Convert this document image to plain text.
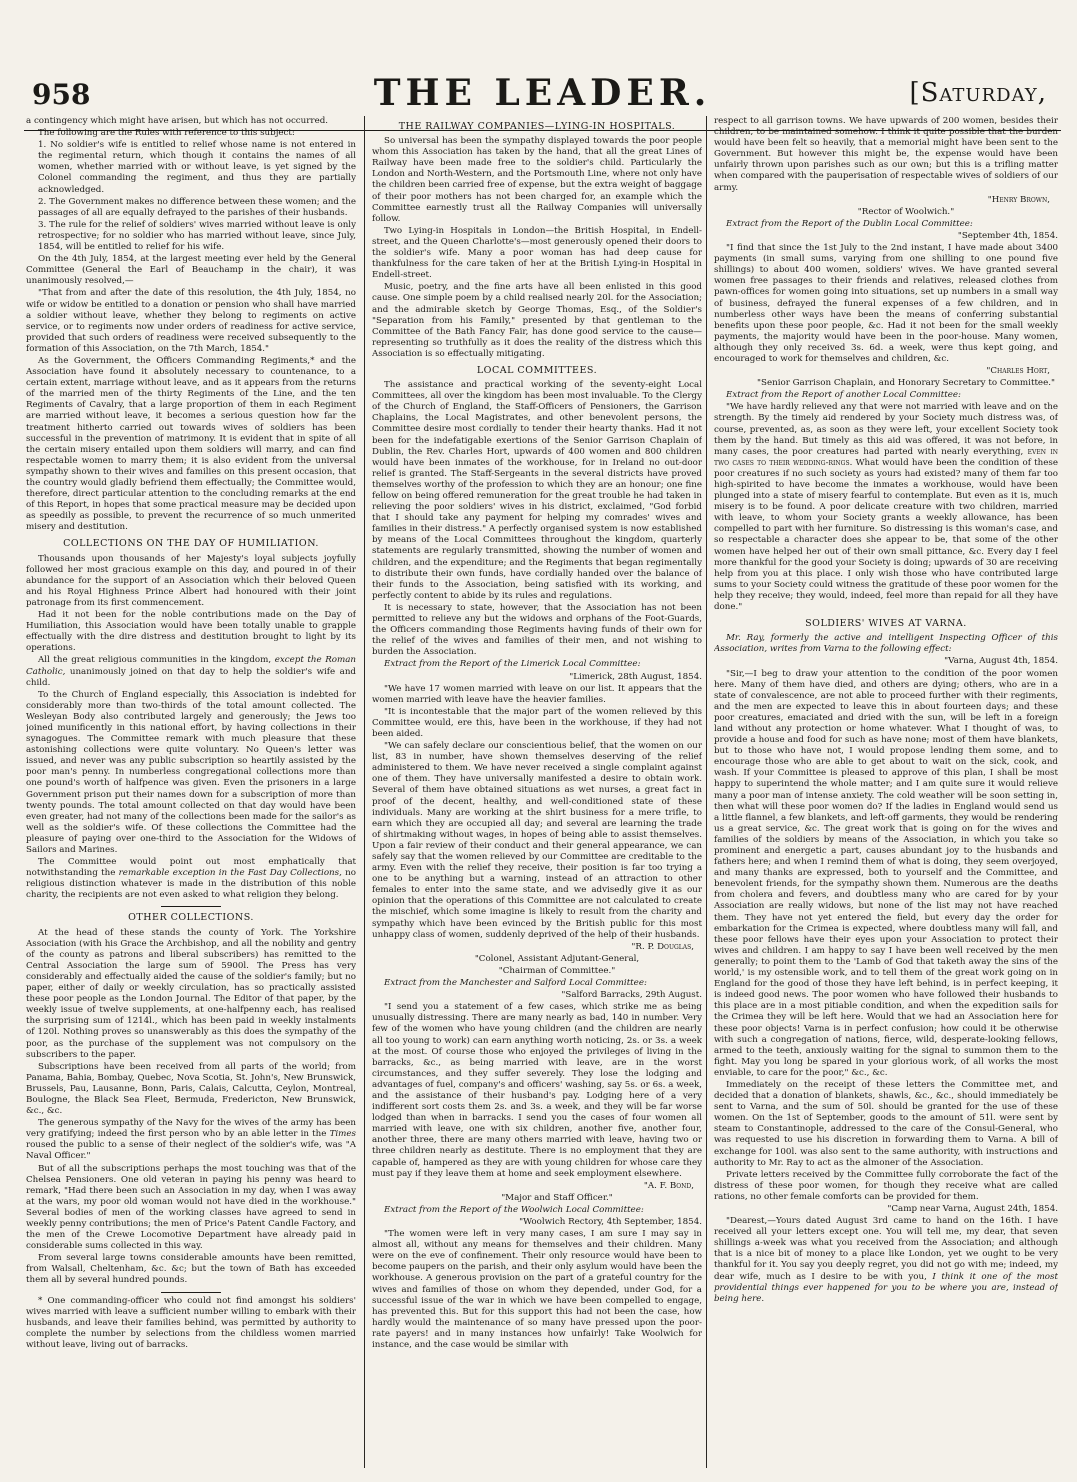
958	THE LEADER.	[Saturday,

a contingency which might have arisen, but which has not occurred.

The following are the Rules with reference to this subject:

1. No soldier's wife is entitled to relief whose name is not entered in the regimental return, which though it contains the names of all women, whether married with or without leave, is yet signed by the Colonel commanding the regiment, and thus they are partially acknowledged.

2. The Government makes no difference between these women; and the passages of all are equally defrayed to the parishes of their husbands.

3. The rule for the relief of soldiers' wives married without leave is only retrospective; for no soldier who has married without leave, since July, 1854, will be entitled to relief for his wife.

On the 4th July, 1854, at the largest meeting ever held by the General Committee (General the Earl of Beauchamp in the chair), it was unanimously resolved,—

"That from and after the date of this resolution, the 4th July, 1854, no wife or widow be entitled to a donation or pension who shall have married a soldier without leave, whether they belong to regiments on active service, or to regiments now under orders of readiness for active service, provided that such orders of readiness were received subsequently to the formation of this Association, on the 7th March, 1854."

As the Government, the Officers Commanding Regiments,* and the Association have found it absolutely necessary to countenance, to a certain extent, marriage without leave, and as it appears from the returns of the married men of the thirty Regiments of the Line, and the ten Regiments of Cavalry, that a large proportion of them in each Regiment are married without leave, it becomes a serious question how far the treatment hitherto carried out towards wives of soldiers has been successful in the prevention of matrimony. It is evident that in spite of all the certain misery entailed upon them soldiers will marry, and can find respectable women to marry them; it is also evident from the universal sympathy shown to their wives and families on this present occasion, that the country would gladly befriend them effectually; the Committee would, therefore, direct particular attention to the concluding remarks at the end of this Report, in hopes that some practical measure may be decided upon as speedily as possible, to prevent the recurrence of so much unmerited misery and destitution.

COLLECTIONS ON THE DAY OF HUMILIATION.

Thousands upon thousands of her Majesty's loyal subjects joyfully followed her most gracious example on this day, and poured in of their abundance for the support of an Association which their beloved Queen and his Royal Highness Prince Albert had honoured with their joint patronage from its first commencement.

Had it not been for the noble contributions made on the Day of Humiliation, this Association would have been totally unable to grapple effectually with the dire distress and destitution brought to light by its operations.

All the great religious communities in the kingdom, except the Roman Catholic, unanimously joined on that day to help the soldier's wife and child.

To the Church of England especially, this Association is indebted for considerably more than two-thirds of the total amount collected. The Wesleyan Body also contributed largely and generously; the Jews too joined munificently in this national effort, by having collections in their synagogues. The Committee remark with much pleasure that these astonishing collections were quite voluntary. No Queen's letter was issued, and never was any public subscription so heartily assisted by the poor man's penny. In numberless congregational collections more than one pound's worth of halfpence was given. Even the prisoners in a large Government prison put their names down for a subscription of more than twenty pounds. The total amount collected on that day would have been even greater, had not many of the collections been made for the sailor's as well as the soldier's wife. Of these collections the Committee had the pleasure of paying over one-third to the Association for the Widows of Sailors and Marines.

The Committee would point out most emphatically that notwithstanding the remarkable exception in the Fast Day Collections, no religious distinction whatever is made in the distribution of this noble charity, the recipients are not even asked to what religion they belong.

OTHER COLLECTIONS.

At the head of these stands the county of York. The Yorkshire Association (with his Grace the Archbishop, and all the nobility and gentry of the county as patrons and liberal subscribers) has remitted to the Central Association the large sum of 5900l. The Press has very considerably and effectually aided the cause of the soldier's family; but no paper, either of daily or weekly circulation, has so practically assisted these poor people as the London Journal. The Editor of that paper, by the weekly issue of twelve supplements, at one-halfpenny each, has realised the surprising sum of 1214l., which has been paid in weekly instalments of 120l. Nothing proves so unanswerably as this does the sympathy of the poor, as the purchase of the supplement was not compulsory on the subscribers to the paper.

Subscriptions have been received from all parts of the world; from Panama, Bahia, Bombay, Quebec, Nova Scotia, St. John's, New Brunswick, Brussels, Pau, Lausanne, Bonn, Paris, Calais, Calcutta, Ceylon, Montreal, Boulogne, the Black Sea Fleet, Bermuda, Fredericton, New Brunswick, &c., &c.

The generous sympathy of the Navy for the wives of the army has been very gratifying; indeed the first person who by an able letter in the Times roused the public to a sense of their neglect of the soldier's wife, was "A Naval Officer."

But of all the subscriptions perhaps the most touching was that of the Chelsea Pensioners. One old veteran in paying his penny was heard to remark, "Had there been such an Association in my day, when I was away at the wars, my poor old woman would not have died in the workhouse." Several bodies of men of the working classes have agreed to send in weekly penny contributions; the men of Price's Patent Candle Factory, and the men of the Crewe Locomotive Department have already paid in considerable sums collected in this way.

From several large towns considerable amounts have been remitted, from Walsall, Cheltenham, &c. &c; but the town of Bath has exceeded them all by several hundred pounds.

* One commanding-officer who could not find amongst his soldiers' wives married with leave a sufficient number willing to embark with their husbands, and leave their families behind, was permitted by authority to complete the number by selections from the childless women married without leave, living out of barracks.

THE RAILWAY COMPANIES—LYING-IN HOSPITALS.

So universal has been the sympathy displayed towards the poor people whom this Association has taken by the hand, that all the great Lines of Railway have been made free to the soldier's child. Particularly the London and North-Western, and the Portsmouth Line, where not only have the children been carried free of expense, but the extra weight of baggage of their poor mothers has not been charged for, an example which the Committee earnestly trust all the Railway Companies will universally follow.

Two Lying-in Hospitals in London—the British Hospital, in Endell-street, and the Queen Charlotte's—most generously opened their doors to the soldier's wife. Many a poor woman has had deep cause for thankfulness for the care taken of her at the British Lying-in Hospital in Endell-street.

Music, poetry, and the fine arts have all been enlisted in this good cause. One simple poem by a child realised nearly 20l. for the Association; and the admirable sketch by George Thomas, Esq., of the Soldier's "Separation from his Family," presented by that gentleman to the Committee of the Bath Fancy Fair, has done good service to the cause—representing so truthfully as it does the reality of the distress which this Association is so effectually mitigating.

LOCAL COMMITTEES.

The assistance and practical working of the seventy-eight Local Committees, all over the kingdom has been most invaluable. To the Clergy of the Church of England, the Staff-Officers of Pensioners, the Garrison Chaplains, the Local Magistrates, and other benevolent persons, the Committee desire most cordially to tender their hearty thanks. Had it not been for the indefatigable exertions of the Senior Garrison Chaplain of Dublin, the Rev. Charles Hort, upwards of 400 women and 800 children would have been inmates of the workhouse, for in Ireland no out-door relief is granted. The Staff-Sergeants in the several districts have proved themselves worthy of the profession to which they are an honour; one fine fellow on being offered remuneration for the great trouble he had taken in relieving the poor soldiers' wives in his district, exclaimed, "God forbid that I should take any payment for helping my comrades' wives and families in their distress." A perfectly organised system is now established by means of the Local Committees throughout the kingdom, quarterly statements are regularly transmitted, showing the number of women and children, and the expenditure; and the Regiments that began regimentally to distribute their own funds, have cordially handed over the balance of their funds to the Association, being satisfied with its working, and perfectly content to abide by its rules and regulations.

It is necessary to state, however, that the Association has not been permitted to relieve any but the widows and orphans of the Foot-Guards, the Officers commanding those Regiments having funds of their own for the relief of the wives and families of their men, and not wishing to burden the Association.

Extract from the Report of the Limerick Local Committee:

"Limerick, 28th August, 1854.

"We have 17 women married with leave on our list. It appears that the women married with leave have the heavier families.

"It is incontestable that the major part of the women relieved by this Committee would, ere this, have been in the workhouse, if they had not been aided.

"We can safely declare our conscientious belief, that the women on our list, 83 in number, have shown themselves deserving of the relief administered to them. We have never received a single complaint against one of them. They have universally manifested a desire to obtain work. Several of them have obtained situations as wet nurses, a great fact in proof of the decent, healthy, and well-conditioned state of these individuals. Many are working at the shirt business for a mere trifle, to earn which they are occupied all day; and several are learning the trade of shirtmaking without wages, in hopes of being able to assist themselves. Upon a fair review of their conduct and their general appearance, we can safely say that the women relieved by our Committee are creditable to the army. Even with the relief they receive, their position is far too trying a one to be anything but a warning, instead of an attraction to other females to enter into the same state, and we advisedly give it as our opinion that the operations of this Committee are not calculated to create the mischief, which some imagine is likely to result from the charity and sympathy which have been evinced by the British public for this most unhappy class of women, suddenly deprived of the help of their husbands.

"R. P. Douglas,

"Colonel, Assistant Adjutant-General,

"Chairman of Committee."

Extract from the Manchester and Salford Local Committee:

"Salford Barracks, 29th August.

"I send you a statement of a few cases, which strike me as being unusually distressing. There are many nearly as bad, 140 in number. Very few of the women who have young children (and the children are nearly all too young to work) can earn anything worth noticing, 2s. or 3s. a week at the most. Of course those who enjoyed the privileges of living in the barracks, &c., as being married with leave, are in the worst circumstances, and they suffer severely. They lose the lodging and advantages of fuel, company's and officers' washing, say 5s. or 6s. a week, and the assistance of their husband's pay. Lodging here of a very indifferent sort costs them 2s. and 3s. a week, and they will be far worse lodged than when in barracks. I send you the cases of four women all married with leave, one with six children, another five, another four, another three, there are many others married with leave, having two or three children nearly as destitute. There is no employment that they are capable of, hampered as they are with young children for whose care they must pay if they leave them at home and seek employment elsewhere.

"A. F. Bond,

"Major and Staff Officer."

Extract from the Report of the Woolwich Local Committee:

"Woolwich Rectory, 4th September, 1854.

"The women were left in very many cases, I am sure I may say in almost all, without any means for themselves and their children. Many were on the eve of confinement. Their only resource would have been to become paupers on the parish, and their only asylum would have been the workhouse. A generous provision on the part of a grateful country for the wives and families of those on whom they depended, under God, for a successful issue of the war in which we have been compelled to engage, has prevented this. But for this support this had not been the case, how hardly would the maintenance of so many have pressed upon the poor-rate payers! and in many instances how unfairly! Take Woolwich for instance, and the case would be similar with

respect to all garrison towns. We have upwards of 200 women, besides their children, to be maintained somehow. I think it quite possible that the burden would have been felt so heavily, that a memorial might have been sent to the Government. But however this might be, the expense would have been unfairly thrown upon parishes such as our own; but this is a trifling matter when compared with the pauperisation of respectable wives of soldiers of our army.

"Henry Brown,

"Rector of Woolwich."

Extract from the Report of the Dublin Local Committee:

"September 4th, 1854.

"I find that since the 1st July to the 2nd instant, I have made about 3400 payments (in small sums, varying from one shilling to one pound five shillings) to about 400 women, soldiers' wives. We have granted several women free passages to their friends and relatives, released clothes from pawn-offices for women going into situations, set up numbers in a small way of business, defrayed the funeral expenses of a few children, and in numberless other ways have been the means of conferring substantial benefits upon these poor people, &c. Had it not been for the small weekly payments, the majority would have been in the poor-house. Many women, although they only received 3s. 6d. a week, were thus kept going, and encouraged to work for themselves and children, &c.

"Charles Hort,

"Senior Garrison Chaplain, and Honorary Secretary to Committee."

Extract from the Report of another Local Committee:

"We have hardly relieved any that were not married with leave and on the strength. By the timely aid rendered by your Society much distress was, of course, prevented, as, as soon as they were left, your excellent Society took them by the hand. But timely as this aid was offered, it was not before, in many cases, the poor creatures had parted with nearly everything, even in two cases to their wedding-rings. What would have been the condition of these poor creatures if no such society as yours had existed? many of them far too high-spirited to have become the inmates a workhouse, would have been plunged into a state of misery fearful to contemplate. But even as it is, much misery is to be found. A poor delicate creature with two children, married with leave, to whom your Society grants a weekly allowance, has been compelled to part with her furniture. So distressing is this woman's case, and so respectable a character does she appear to be, that some of the other women have helped her out of their own small pittance, &c. Every day I feel more thankful for the good your Society is doing; upwards of 30 are receiving help from you at this place. I only wish those who have contributed large sums to your Society could witness the gratitude of these poor women for the help they receive; they would, indeed, feel more than repaid for all they have done."

SOLDIERS' WIVES AT VARNA.

Mr. Ray, formerly the active and intelligent Inspecting Officer of this Association, writes from Varna to the following effect:

"Varna, August 4th, 1854.

"Sir,—I beg to draw your attention to the condition of the poor women here. Many of them have died, and others are dying; others, who are in a state of convalescence, are not able to proceed further with their regiments, and the men are expected to leave this in about fourteen days; and these poor creatures, emaciated and dried with the sun, will be left in a foreign land without any protection or home whatever. What I thought of was, to provide a house and food for such as have none; most of them have blankets, but to those who have not, I would propose lending them some, and to encourage those who are able to get about to wait on the sick, cook, and wash. If your Committee is pleased to approve of this plan, I shall be most happy to superintend the whole matter; and I am quite sure it would relieve many a poor man of intense anxiety. The cold weather will be soon setting in, then what will these poor women do? If the ladies in England would send us a little flannel, a few blankets, and left-off garments, they would be rendering us a great service, &c. The great work that is going on for the wives and families of the soldiers by means of the Association, in which you take so prominent and energetic a part, causes abundant joy to the husbands and fathers here; and when I remind them of what is doing, they seem overjoyed, and many thanks are expressed, both to yourself and the Committee, and benevolent friends, for the sympathy shown them. Numerous are the deaths from cholera and fevers, and doubtless many who are cared for by your Association are really widows, but none of the list may not have reached them. They have not yet entered the field, but every day the order for embarkation for the Crimea is expected, where doubtless many will fall, and these poor fellows have their eyes upon your Association to protect their wives and children. I am happy to say I have been well received by the men generally; to point them to the 'Lamb of God that taketh away the sins of the world,' is my ostensible work, and to tell them of the great work going on in England for the good of those they have left behind, is in perfect keeping, it is indeed good news. The poor women who have followed their husbands to this place are in a most pitiable condition, and when the expedition sails for the Crimea they will be left here. Would that we had an Association here for these poor objects! Varna is in perfect confusion; how could it be otherwise with such a congregation of nations, fierce, wild, desperate-looking fellows, armed to the teeth, anxiously waiting for the signal to summon them to the fight. May you long be spared in your glorious work, of all works the most enviable, to care for the poor," &c., &c.

Immediately on the receipt of these letters the Committee met, and decided that a donation of blankets, shawls, &c., &c., should immediately be sent to Varna, and the sum of 50l. should be granted for the use of these women. On the 1st of September, goods to the amount of 51l. were sent by steam to Constantinople, addressed to the care of the Consul-General, who was requested to use his discretion in forwarding them to Varna. A bill of exchange for 100l. was also sent to the same authority, with instructions and authority to Mr. Ray to act as the almoner of the Association.

Private letters received by the Committee fully corroborate the fact of the distress of these poor women, for though they receive what are called rations, no other female comforts can be provided for them.

"Camp near Varna, August 24th, 1854.

"Dearest,—Yours dated August 3rd came to hand on the 16th. I have received all your letters except one. You will tell me, my dear, that seven shillings a-week was what you received from the Association; and although that is a nice bit of money to a place like London, yet we ought to be very thankful for it. You say you deeply regret, you did not go with me; indeed, my dear wife, much as I desire to be with you, I think it one of the most providential things ever happened for you to be where you are, instead of being here.
